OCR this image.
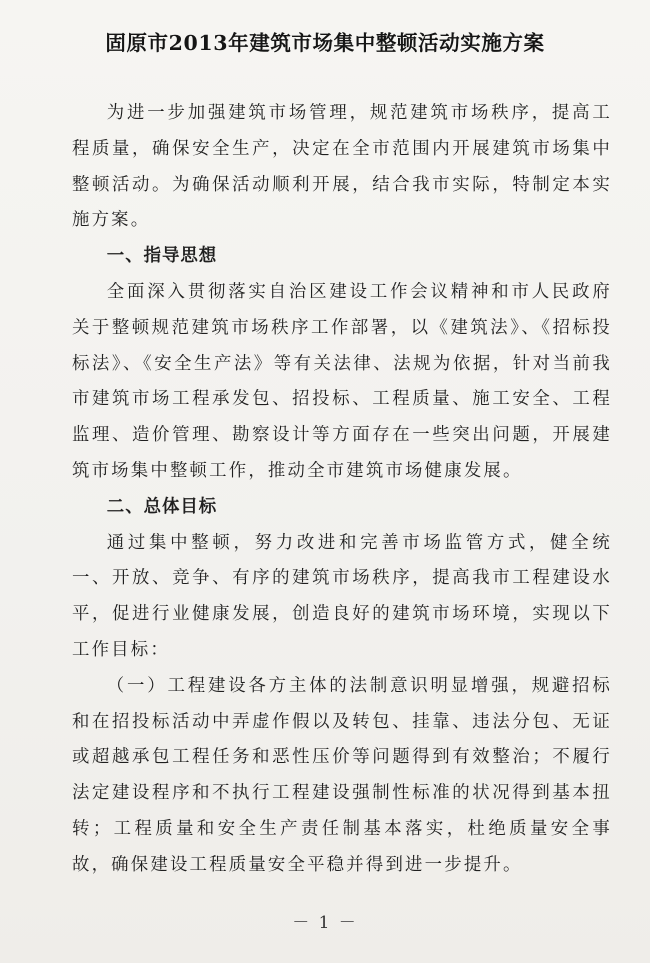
固原市2013年建筑市场集中整顿活动实施方案

为进一步加强建筑市场管理，规范建筑市场秩序，提高工程质量，确保安全生产，决定在全市范围内开展建筑市场集中整顿活动。为确保活动顺利开展，结合我市实际，特制定本实施方案。

一、指导思想

全面深入贯彻落实自治区建设工作会议精神和市人民政府关于整顿规范建筑市场秩序工作部署，以《建筑法》、《招标投标法》、《安全生产法》等有关法律、法规为依据，针对当前我市建筑市场工程承发包、招投标、工程质量、施工安全、工程监理、造价管理、勘察设计等方面存在一些突出问题，开展建筑市场集中整顿工作，推动全市建筑市场健康发展。

二、总体目标

通过集中整顿，努力改进和完善市场监管方式，健全统一、开放、竞争、有序的建筑市场秩序，提高我市工程建设水平，促进行业健康发展，创造良好的建筑市场环境，实现以下工作目标：

（一）工程建设各方主体的法制意识明显增强，规避招标和在招投标活动中弄虚作假以及转包、挂靠、违法分包、无证或超越承包工程任务和恶性压价等问题得到有效整治；不履行法定建设程序和不执行工程建设强制性标准的状况得到基本扭转；工程质量和安全生产责任制基本落实，杜绝质量安全事故，确保建设工程质量安全平稳并得到进一步提升。

－ 1 －
